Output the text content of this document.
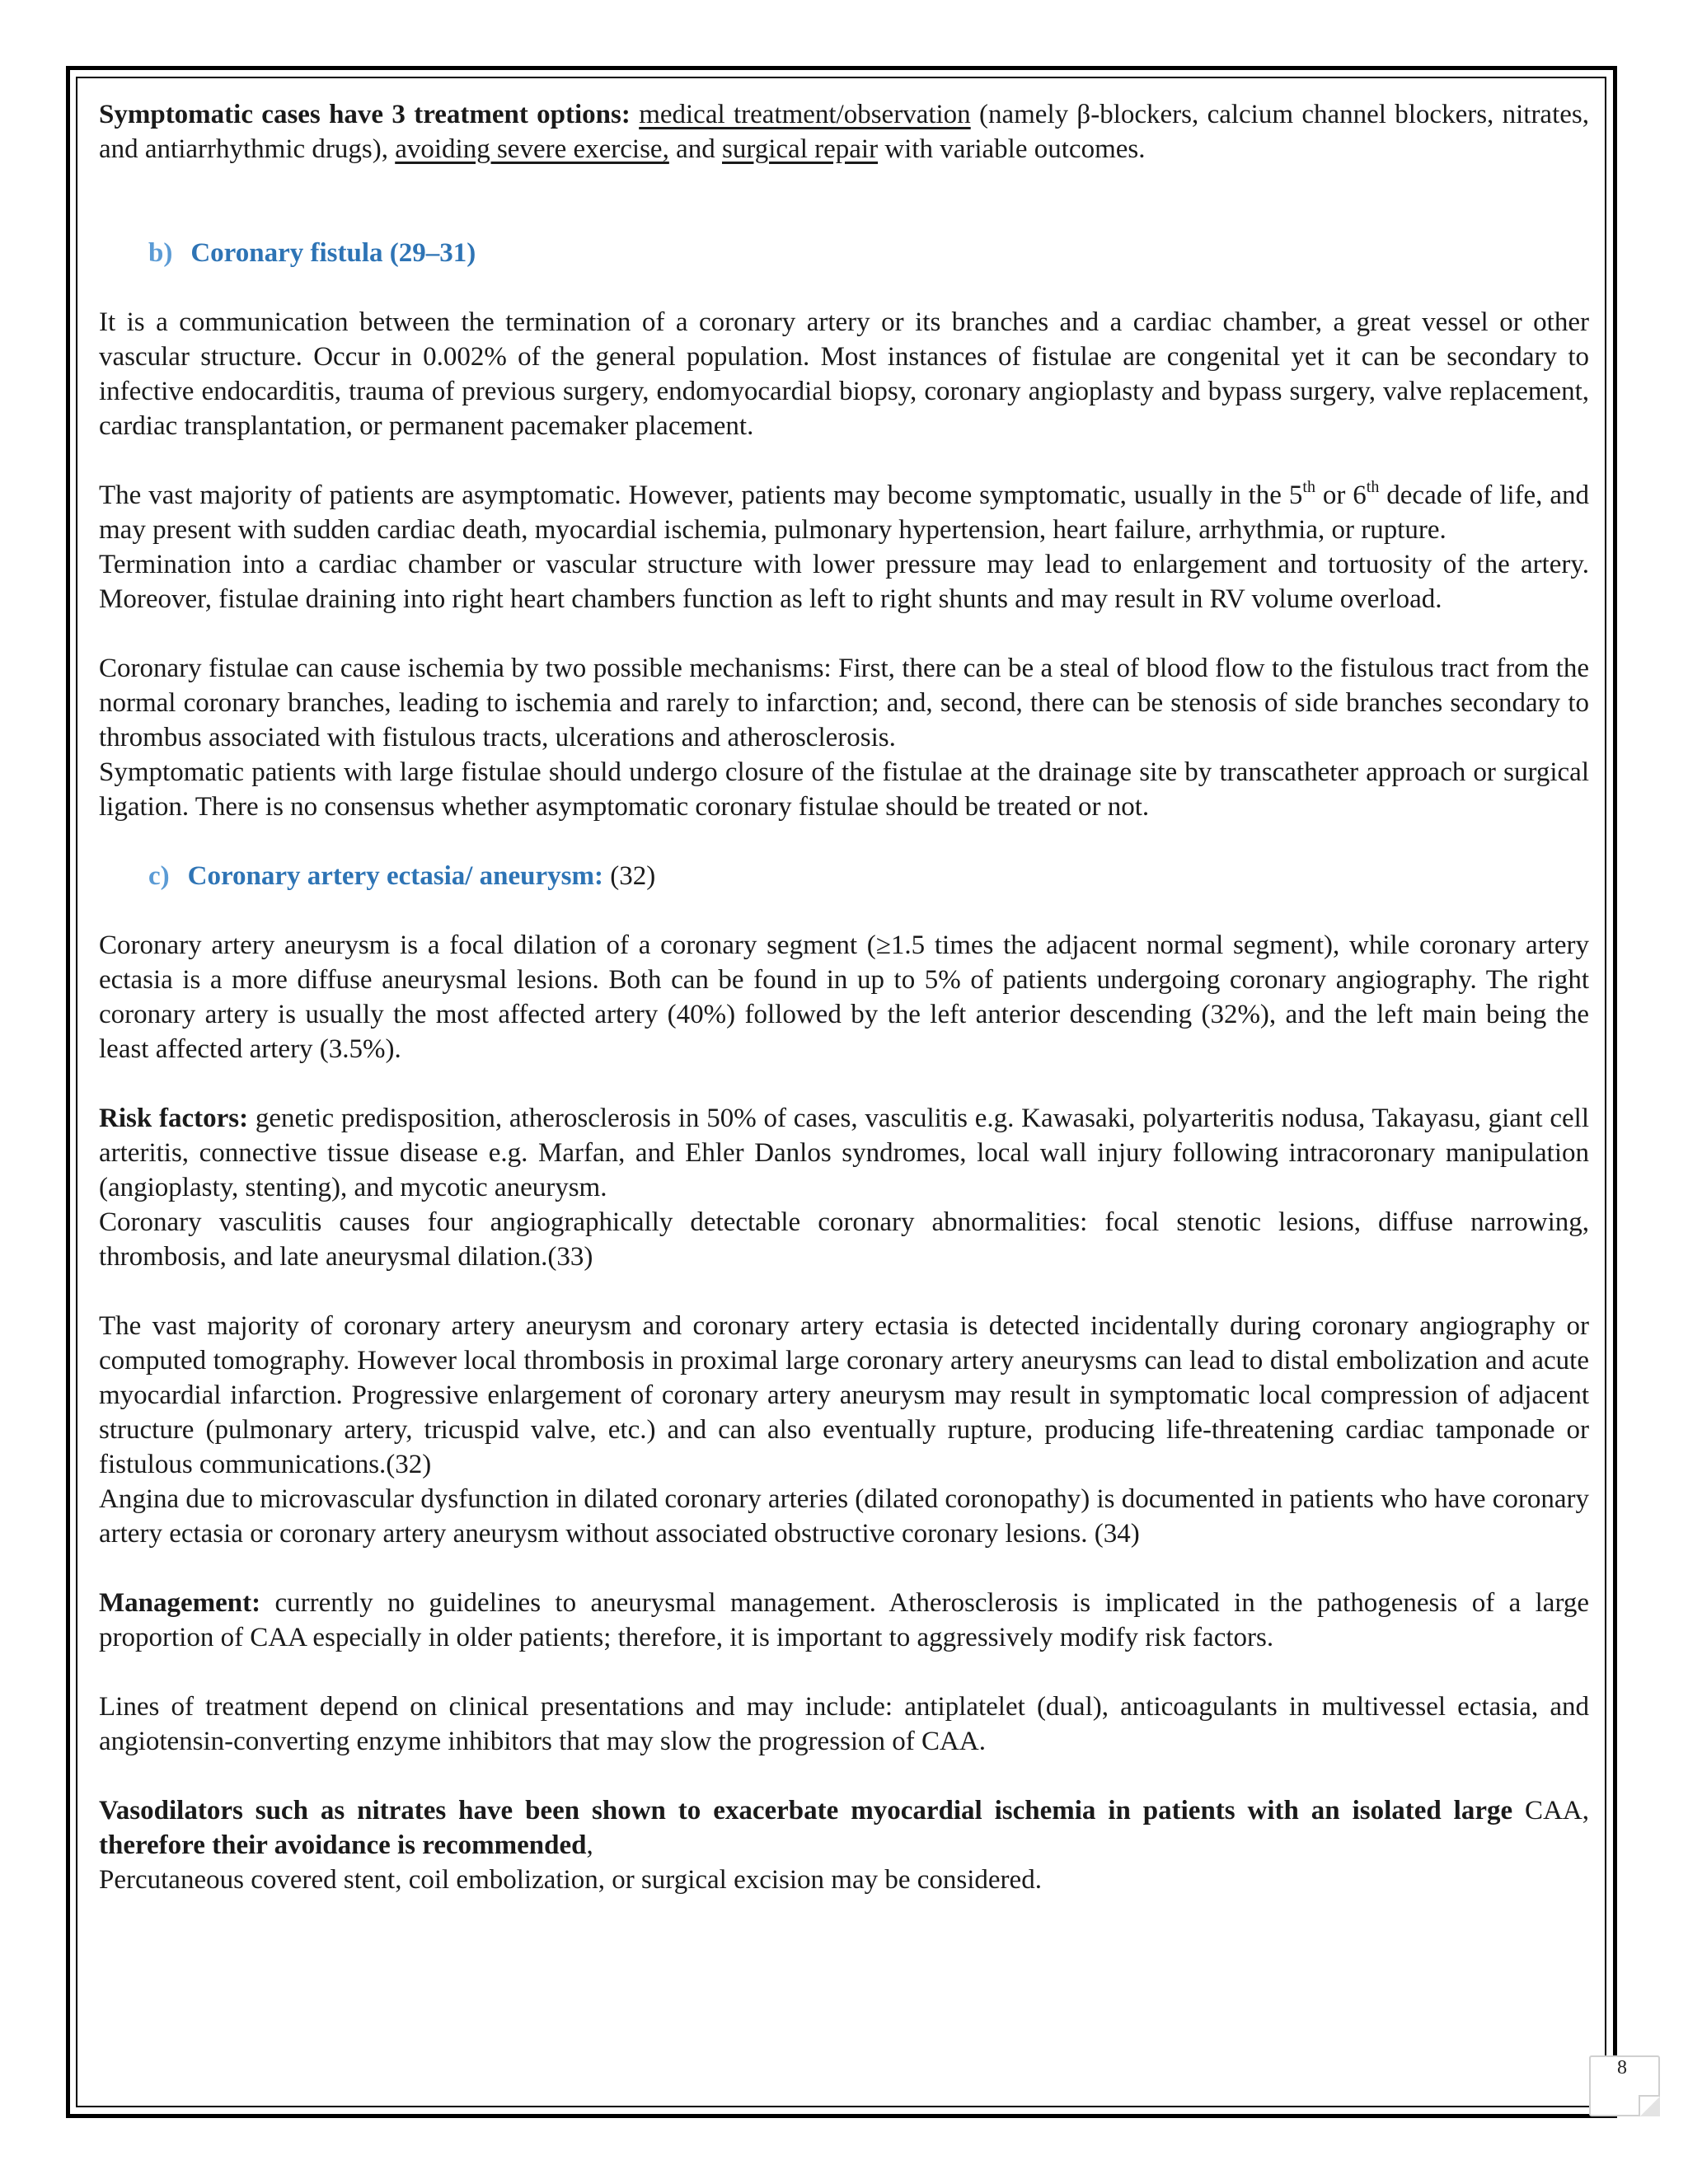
Symptomatic cases have 3 treatment options: medical treatment/observation (namely β-blockers, calcium channel blockers, nitrates, and antiarrhythmic drugs), avoiding severe exercise, and surgical repair with variable outcomes.

b) Coronary fistula (29–31)

It is a communication between the termination of a coronary artery or its branches and a cardiac chamber, a great vessel or other vascular structure. Occur in 0.002% of the general population. Most instances of fistulae are congenital yet it can be secondary to infective endocarditis, trauma of previous surgery, endomyocardial biopsy, coronary angioplasty and bypass surgery, valve replacement, cardiac transplantation, or permanent pacemaker placement.

The vast majority of patients are asymptomatic. However, patients may become symptomatic, usually in the 5th or 6th decade of life, and may present with sudden cardiac death, myocardial ischemia, pulmonary hypertension, heart failure, arrhythmia, or rupture.

Termination into a cardiac chamber or vascular structure with lower pressure may lead to enlargement and tortuosity of the artery. Moreover, fistulae draining into right heart chambers function as left to right shunts and may result in RV volume overload.

Coronary fistulae can cause ischemia by two possible mechanisms: First, there can be a steal of blood flow to the fistulous tract from the normal coronary branches, leading to ischemia and rarely to infarction; and, second, there can be stenosis of side branches secondary to thrombus associated with fistulous tracts, ulcerations and atherosclerosis.

Symptomatic patients with large fistulae should undergo closure of the fistulae at the drainage site by transcatheter approach or surgical ligation. There is no consensus whether asymptomatic coronary fistulae should be treated or not.

c) Coronary artery ectasia/ aneurysm: (32)

Coronary artery aneurysm is a focal dilation of a coronary segment (≥1.5 times the adjacent normal segment), while coronary artery ectasia is a more diffuse aneurysmal lesions. Both can be found in up to 5% of patients undergoing coronary angiography. The right coronary artery is usually the most affected artery (40%) followed by the left anterior descending (32%), and the left main being the least affected artery (3.5%).

Risk factors: genetic predisposition, atherosclerosis in 50% of cases, vasculitis e.g. Kawasaki, polyarteritis nodusa, Takayasu, giant cell arteritis, connective tissue disease e.g. Marfan, and Ehler Danlos syndromes, local wall injury following intracoronary manipulation (angioplasty, stenting), and mycotic aneurysm.

Coronary vasculitis causes four angiographically detectable coronary abnormalities: focal stenotic lesions, diffuse narrowing, thrombosis, and late aneurysmal dilation.(33)

The vast majority of coronary artery aneurysm and coronary artery ectasia is detected incidentally during coronary angiography or computed tomography. However local thrombosis in proximal large coronary artery aneurysms can lead to distal embolization and acute myocardial infarction. Progressive enlargement of coronary artery aneurysm may result in symptomatic local compression of adjacent structure (pulmonary artery, tricuspid valve, etc.) and can also eventually rupture, producing life-threatening cardiac tamponade or fistulous communications.(32)

Angina due to microvascular dysfunction in dilated coronary arteries (dilated coronopathy) is documented in patients who have coronary artery ectasia or coronary artery aneurysm without associated obstructive coronary lesions. (34)

Management: currently no guidelines to aneurysmal management. Atherosclerosis is implicated in the pathogenesis of a large proportion of CAA especially in older patients; therefore, it is important to aggressively modify risk factors.

Lines of treatment depend on clinical presentations and may include: antiplatelet (dual), anticoagulants in multivessel ectasia, and angiotensin-converting enzyme inhibitors that may slow the progression of CAA.

Vasodilators such as nitrates have been shown to exacerbate myocardial ischemia in patients with an isolated large CAA, therefore their avoidance is recommended,

Percutaneous covered stent, coil embolization, or surgical excision may be considered.

8
